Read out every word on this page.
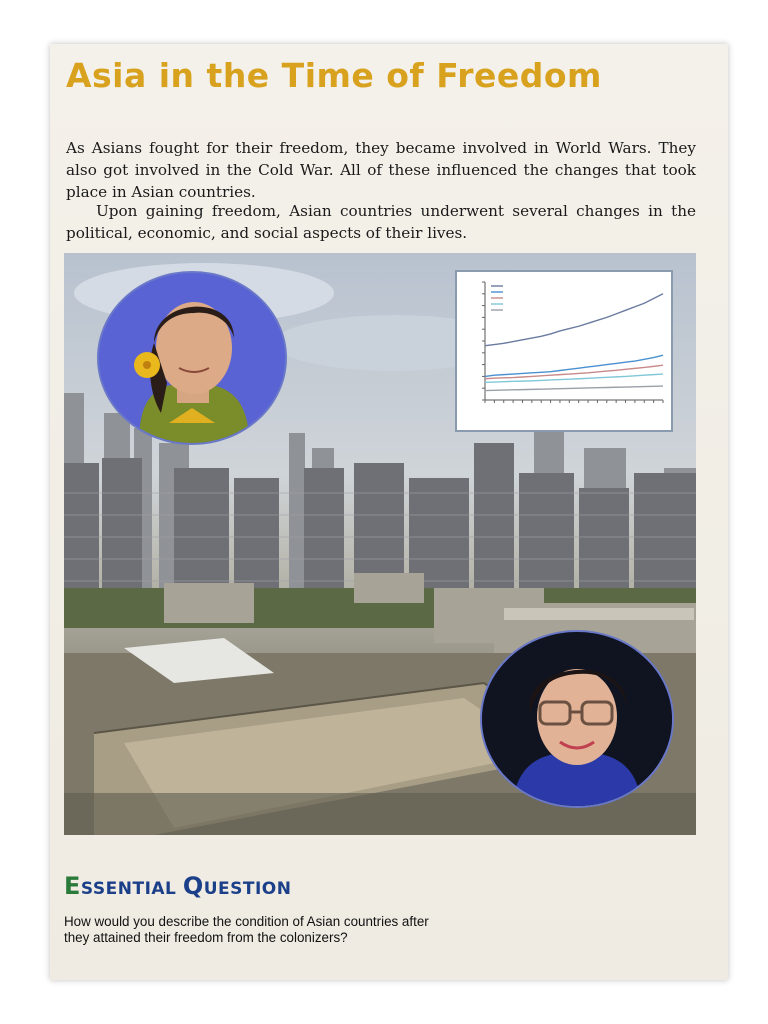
Asia in the Time of Freedom

As Asians fought for their freedom, they became involved in World Wars. They also got involved in the Cold War. All of these influenced the changes that took place in Asian countries.

Upon gaining freedom, Asian countries underwent several changes in the political, economic, and social aspects of their lives.

ESSENTIAL QUESTION

How would you describe the condition of Asian countries after they attained their freedom from the colonizers?
